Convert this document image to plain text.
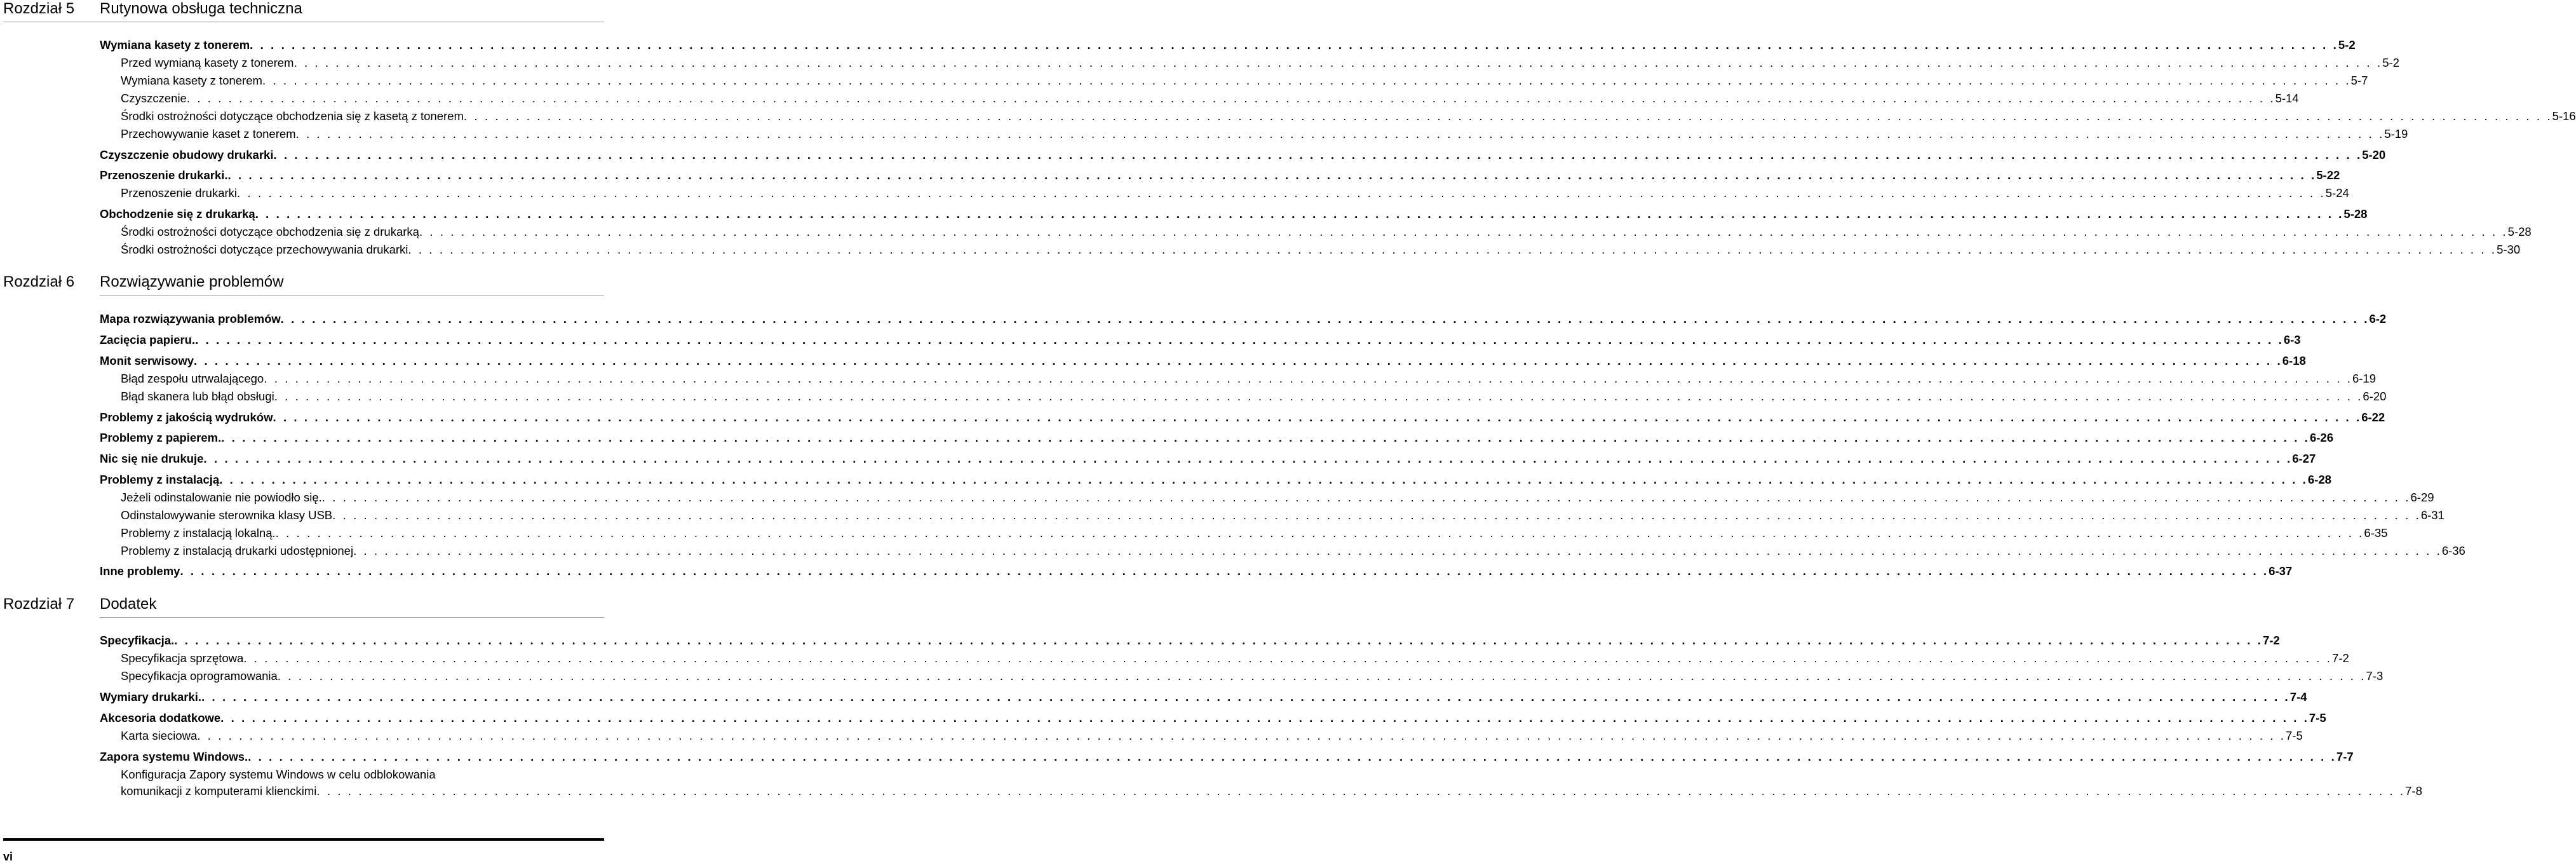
Rozdział 5 Rutynowa obsługa techniczna
Wymiana kasety z tonerem . . . . . . . . . . . . . . . . . . . . . . . . . . . . . . . . . . . . . . . . . . . . . . . . . . . . . . . . . . . . . . . . . . . . . . . . . . . . . . . . . . . . . . . . . . . . . . . . . . . . . . . . . . . . . . . . . . . . . . . . . . . . . . . . . . . . . . . . . . . . . . . . . . . . . . . . . . . . . . . . . . . . . . . . . . . . . . . . . . . . . . . . . . . . . . . . . . . . . . . . 5-2
Przed wymianą kasety z tonerem . . . . . . . . . . . . . . . . . . . . . . . . . . . . . . . . . . . . . . . . . . . . . . . . . . . . . . . . . . . . . . . . . . . . . . . . . . . . . . . . . . . . . . . . . . . . . . . . . . . . . . . . . . . . . . . . . . . . . . . . . . . . . . . . . . . . . . . . . . . . . . . . . . . . . . . . . . . . . . . . . . . . . . . . . . . . . . . . . . . . . . . . . . . . . . . . . . . . . . . . 5-2
Wymiana kasety z tonerem . . . . . . . . . . . . . . . . . . . . . . . . . . . . . . . . . . . . . . . . . . . . . . . . . . . . . . . . . . . . . . . . . . . . . . . . . . . . . . . . . . . . . . . . . . . . . . . . . . . . . . . . . . . . . . . . . . . . . . . . . . . . . . . . . . . . . . . . . . . . . . . . . . . . . . . . . . . . . . . . . . . . . . . . . . . . . . . . . . . . . . . . . . . . . . . . . . . . . . . . 5-7
Czyszczenie . . . . . . . . . . . . . . . . . . . . . . . . . . . . . . . . . . . . . . . . . . . . . . . . . . . . . . . . . . . . . . . . . . . . . . . . . . . . . . . . . . . . . . . . . . . . . . . . . . . . . . . . . . . . . . . . . . . . . . . . . . . . . . . . . . . . . . . . . . . . . . . . . . . . . . . . . . . . . . . . . . . . . . . . . . . . . . . . . . . . . . . . . . . . . . . . . . . . . . . . 5-14
Środki ostrożności dotyczące obchodzenia się z kasetą z tonerem . . . . . . . . . . . . . . . . . . . . . . . . . . . . . . . . . . . . . . . . . . . . . . . . . . . . . . . . . . . . . . . . . . . . . . . . . . . . . . . . . . . . . . . . . . . . . . . . . . . . . . . . . . . . . . . . . . . . . . . . . . . . . . . . . . . . . . . . . . . . . . . . . . . . . . . . . . . . . . . . . . . . . . . . . . . . . . . . . . . . . . . . . . . . . . . . . . . . . . . . 5-16
Przechowywanie kaset z tonerem . . . . . . . . . . . . . . . . . . . . . . . . . . . . . . . . . . . . . . . . . . . . . . . . . . . . . . . . . . . . . . . . . . . . . . . . . . . . . . . . . . . . . . . . . . . . . . . . . . . . . . . . . . . . . . . . . . . . . . . . . . . . . . . . . . . . . . . . . . . . . . . . . . . . . . . . . . . . . . . . . . . . . . . . . . . . . . . . . . . . . . . . . . . . . . . . . . . . . . . . 5-19
Czyszczenie obudowy drukarki . . . . . . . . . . . . . . . . . . . . . . . . . . . . . . . . . . . . . . . . . . . . . . . . . . . . . . . . . . . . . . . . . . . . . . . . . . . . . . . . . . . . . . . . . . . . . . . . . . . . . . . . . . . . . . . . . . . . . . . . . . . . . . . . . . . . . . . . . . . . . . . . . . . . . . . . . . . . . . . . . . . . . . . . . . . . . . . . . . . . . . . . . . . . . . . . . . . . . . . . 5-20
Przenoszenie drukarki. . . . . . . . . . . . . . . . . . . . . . . . . . . . . . . . . . . . . . . . . . . . . . . . . . . . . . . . . . . . . . . . . . . . . . . . . . . . . . . . . . . . . . . . . . . . . . . . . . . . . . . . . . . . . . . . . . . . . . . . . . . . . . . . . . . . . . . . . . . . . . . . . . . . . . . . . . . . . . . . . . . . . . . . . . . . . . . . . . . . . . . . . . . . . . . . . . . . . . . . . 5-22
Przenoszenie drukarki . . . . . . . . . . . . . . . . . . . . . . . . . . . . . . . . . . . . . . . . . . . . . . . . . . . . . . . . . . . . . . . . . . . . . . . . . . . . . . . . . . . . . . . . . . . . . . . . . . . . . . . . . . . . . . . . . . . . . . . . . . . . . . . . . . . . . . . . . . . . . . . . . . . . . . . . . . . . . . . . . . . . . . . . . . . . . . . . . . . . . . . . . . . . . . . . . . . . . . . . 5-24
Obchodzenie się z drukarką . . . . . . . . . . . . . . . . . . . . . . . . . . . . . . . . . . . . . . . . . . . . . . . . . . . . . . . . . . . . . . . . . . . . . . . . . . . . . . . . . . . . . . . . . . . . . . . . . . . . . . . . . . . . . . . . . . . . . . . . . . . . . . . . . . . . . . . . . . . . . . . . . . . . . . . . . . . . . . . . . . . . . . . . . . . . . . . . . . . . . . . . . . . . . . . . . . . . . . . . 5-28
Środki ostrożności dotyczące obchodzenia się z drukarką . . . . . . . . . . . . . . . . . . . . . . . . . . . . . . . . . . . . . . . . . . . . . . . . . . . . . . . . . . . . . . . . . . . . . . . . . . . . . . . . . . . . . . . . . . . . . . . . . . . . . . . . . . . . . . . . . . . . . . . . . . . . . . . . . . . . . . . . . . . . . . . . . . . . . . . . . . . . . . . . . . . . . . . . . . . . . . . . . . . . . . . . . . . . . . . . . . . . . . . . 5-28
Środki ostrożności dotyczące przechowywania drukarki . . . . . . . . . . . . . . . . . . . . . . . . . . . . . . . . . . . . . . . . . . . . . . . . . . . . . . . . . . . . . . . . . . . . . . . . . . . . . . . . . . . . . . . . . . . . . . . . . . . . . . . . . . . . . . . . . . . . . . . . . . . . . . . . . . . . . . . . . . . . . . . . . . . . . . . . . . . . . . . . . . . . . . . . . . . . . . . . . . . . . . . . . . . . . . . . . . . . . . . . 5-30
Rozdział 6 Rozwiązywanie problemów
Mapa rozwiązywania problemów . . . . . . . . . . . . . . . . . . . . . . . . . . . . . . . . . . . . . . . . . . . . . . . . . . . . . . . . . . . . . . . . . . . . . . . . . . . . . . . . . . . . . . . . . . . . . . . . . . . . . . . . . . . . . . . . . . . . . . . . . . . . . . . . . . . . . . . . . . . . . . . . . . . . . . . . . . . . . . . . . . . . . . . . . . . . . . . . . . . . . . . . . . . . . . . . . . . . . . . . 6-2
Zacięcia papieru. . . . . . . . . . . . . . . . . . . . . . . . . . . . . . . . . . . . . . . . . . . . . . . . . . . . . . . . . . . . . . . . . . . . . . . . . . . . . . . . . . . . . . . . . . . . . . . . . . . . . . . . . . . . . . . . . . . . . . . . . . . . . . . . . . . . . . . . . . . . . . . . . . . . . . . . . . . . . . . . . . . . . . . . . . . . . . . . . . . . . . . . . . . . . . . . . . . . . . . . . 6-3
Monit serwisowy . . . . . . . . . . . . . . . . . . . . . . . . . . . . . . . . . . . . . . . . . . . . . . . . . . . . . . . . . . . . . . . . . . . . . . . . . . . . . . . . . . . . . . . . . . . . . . . . . . . . . . . . . . . . . . . . . . . . . . . . . . . . . . . . . . . . . . . . . . . . . . . . . . . . . . . . . . . . . . . . . . . . . . . . . . . . . . . . . . . . . . . . . . . . . . . . . . . . . . . . 6-18
Błąd zespołu utrwalającego . . . . . . . . . . . . . . . . . . . . . . . . . . . . . . . . . . . . . . . . . . . . . . . . . . . . . . . . . . . . . . . . . . . . . . . . . . . . . . . . . . . . . . . . . . . . . . . . . . . . . . . . . . . . . . . . . . . . . . . . . . . . . . . . . . . . . . . . . . . . . . . . . . . . . . . . . . . . . . . . . . . . . . . . . . . . . . . . . . . . . . . . . . . . . . . . . . . . . . . . 6-19
Błąd skanera lub błąd obsługi . . . . . . . . . . . . . . . . . . . . . . . . . . . . . . . . . . . . . . . . . . . . . . . . . . . . . . . . . . . . . . . . . . . . . . . . . . . . . . . . . . . . . . . . . . . . . . . . . . . . . . . . . . . . . . . . . . . . . . . . . . . . . . . . . . . . . . . . . . . . . . . . . . . . . . . . . . . . . . . . . . . . . . . . . . . . . . . . . . . . . . . . . . . . . . . . . . . . . . . . 6-20
Problemy z jakością wydruków . . . . . . . . . . . . . . . . . . . . . . . . . . . . . . . . . . . . . . . . . . . . . . . . . . . . . . . . . . . . . . . . . . . . . . . . . . . . . . . . . . . . . . . . . . . . . . . . . . . . . . . . . . . . . . . . . . . . . . . . . . . . . . . . . . . . . . . . . . . . . . . . . . . . . . . . . . . . . . . . . . . . . . . . . . . . . . . . . . . . . . . . . . . . . . . . . . . . . . . . 6-22
Problemy z papierem. . . . . . . . . . . . . . . . . . . . . . . . . . . . . . . . . . . . . . . . . . . . . . . . . . . . . . . . . . . . . . . . . . . . . . . . . . . . . . . . . . . . . . . . . . . . . . . . . . . . . . . . . . . . . . . . . . . . . . . . . . . . . . . . . . . . . . . . . . . . . . . . . . . . . . . . . . . . . . . . . . . . . . . . . . . . . . . . . . . . . . . . . . . . . . . . . . . . . . . . . 6-26
Nic się nie drukuje . . . . . . . . . . . . . . . . . . . . . . . . . . . . . . . . . . . . . . . . . . . . . . . . . . . . . . . . . . . . . . . . . . . . . . . . . . . . . . . . . . . . . . . . . . . . . . . . . . . . . . . . . . . . . . . . . . . . . . . . . . . . . . . . . . . . . . . . . . . . . . . . . . . . . . . . . . . . . . . . . . . . . . . . . . . . . . . . . . . . . . . . . . . . . . . . . . . . . . . . 6-27
Problemy z instalacją . . . . . . . . . . . . . . . . . . . . . . . . . . . . . . . . . . . . . . . . . . . . . . . . . . . . . . . . . . . . . . . . . . . . . . . . . . . . . . . . . . . . . . . . . . . . . . . . . . . . . . . . . . . . . . . . . . . . . . . . . . . . . . . . . . . . . . . . . . . . . . . . . . . . . . . . . . . . . . . . . . . . . . . . . . . . . . . . . . . . . . . . . . . . . . . . . . . . . . . . 6-28
Jeżeli odinstalowanie nie powiodło się. . . . . . . . . . . . . . . . . . . . . . . . . . . . . . . . . . . . . . . . . . . . . . . . . . . . . . . . . . . . . . . . . . . . . . . . . . . . . . . . . . . . . . . . . . . . . . . . . . . . . . . . . . . . . . . . . . . . . . . . . . . . . . . . . . . . . . . . . . . . . . . . . . . . . . . . . . . . . . . . . . . . . . . . . . . . . . . . . . . . . . . . . . . . . . . . . . . . . . . . . 6-29
Odinstalowywanie sterownika klasy USB . . . . . . . . . . . . . . . . . . . . . . . . . . . . . . . . . . . . . . . . . . . . . . . . . . . . . . . . . . . . . . . . . . . . . . . . . . . . . . . . . . . . . . . . . . . . . . . . . . . . . . . . . . . . . . . . . . . . . . . . . . . . . . . . . . . . . . . . . . . . . . . . . . . . . . . . . . . . . . . . . . . . . . . . . . . . . . . . . . . . . . . . . . . . . . . . . . . . . . . . 6-31
Problemy z instalacją lokalną. . . . . . . . . . . . . . . . . . . . . . . . . . . . . . . . . . . . . . . . . . . . . . . . . . . . . . . . . . . . . . . . . . . . . . . . . . . . . . . . . . . . . . . . . . . . . . . . . . . . . . . . . . . . . . . . . . . . . . . . . . . . . . . . . . . . . . . . . . . . . . . . . . . . . . . . . . . . . . . . . . . . . . . . . . . . . . . . . . . . . . . . . . . . . . . . . . . . . . . . . 6-35
Problemy z instalacją drukarki udostępnionej . . . . . . . . . . . . . . . . . . . . . . . . . . . . . . . . . . . . . . . . . . . . . . . . . . . . . . . . . . . . . . . . . . . . . . . . . . . . . . . . . . . . . . . . . . . . . . . . . . . . . . . . . . . . . . . . . . . . . . . . . . . . . . . . . . . . . . . . . . . . . . . . . . . . . . . . . . . . . . . . . . . . . . . . . . . . . . . . . . . . . . . . . . . . . . . . . . . . . . . . 6-36
Inne problemy . . . . . . . . . . . . . . . . . . . . . . . . . . . . . . . . . . . . . . . . . . . . . . . . . . . . . . . . . . . . . . . . . . . . . . . . . . . . . . . . . . . . . . . . . . . . . . . . . . . . . . . . . . . . . . . . . . . . . . . . . . . . . . . . . . . . . . . . . . . . . . . . . . . . . . . . . . . . . . . . . . . . . . . . . . . . . . . . . . . . . . . . . . . . . . . . . . . . . . . . 6-37
Rozdział 7 Dodatek
Specyfikacja. . . . . . . . . . . . . . . . . . . . . . . . . . . . . . . . . . . . . . . . . . . . . . . . . . . . . . . . . . . . . . . . . . . . . . . . . . . . . . . . . . . . . . . . . . . . . . . . . . . . . . . . . . . . . . . . . . . . . . . . . . . . . . . . . . . . . . . . . . . . . . . . . . . . . . . . . . . . . . . . . . . . . . . . . . . . . . . . . . . . . . . . . . . . . . . . . . . . . . . . . 7-2
Specyfikacja sprzętowa . . . . . . . . . . . . . . . . . . . . . . . . . . . . . . . . . . . . . . . . . . . . . . . . . . . . . . . . . . . . . . . . . . . . . . . . . . . . . . . . . . . . . . . . . . . . . . . . . . . . . . . . . . . . . . . . . . . . . . . . . . . . . . . . . . . . . . . . . . . . . . . . . . . . . . . . . . . . . . . . . . . . . . . . . . . . . . . . . . . . . . . . . . . . . . . . . . . . . . . . 7-2
Specyfikacja oprogramowania . . . . . . . . . . . . . . . . . . . . . . . . . . . . . . . . . . . . . . . . . . . . . . . . . . . . . . . . . . . . . . . . . . . . . . . . . . . . . . . . . . . . . . . . . . . . . . . . . . . . . . . . . . . . . . . . . . . . . . . . . . . . . . . . . . . . . . . . . . . . . . . . . . . . . . . . . . . . . . . . . . . . . . . . . . . . . . . . . . . . . . . . . . . . . . . . . . . . . . . . 7-3
Wymiary drukarki. . . . . . . . . . . . . . . . . . . . . . . . . . . . . . . . . . . . . . . . . . . . . . . . . . . . . . . . . . . . . . . . . . . . . . . . . . . . . . . . . . . . . . . . . . . . . . . . . . . . . . . . . . . . . . . . . . . . . . . . . . . . . . . . . . . . . . . . . . . . . . . . . . . . . . . . . . . . . . . . . . . . . . . . . . . . . . . . . . . . . . . . . . . . . . . . . . . . . . . . . 7-4
Akcesoria dodatkowe . . . . . . . . . . . . . . . . . . . . . . . . . . . . . . . . . . . . . . . . . . . . . . . . . . . . . . . . . . . . . . . . . . . . . . . . . . . . . . . . . . . . . . . . . . . . . . . . . . . . . . . . . . . . . . . . . . . . . . . . . . . . . . . . . . . . . . . . . . . . . . . . . . . . . . . . . . . . . . . . . . . . . . . . . . . . . . . . . . . . . . . . . . . . . . . . . . . . . . . . 7-5
Karta sieciowa . . . . . . . . . . . . . . . . . . . . . . . . . . . . . . . . . . . . . . . . . . . . . . . . . . . . . . . . . . . . . . . . . . . . . . . . . . . . . . . . . . . . . . . . . . . . . . . . . . . . . . . . . . . . . . . . . . . . . . . . . . . . . . . . . . . . . . . . . . . . . . . . . . . . . . . . . . . . . . . . . . . . . . . . . . . . . . . . . . . . . . . . . . . . . . . . . . . . . . . . 7-5
Zapora systemu Windows. . . . . . . . . . . . . . . . . . . . . . . . . . . . . . . . . . . . . . . . . . . . . . . . . . . . . . . . . . . . . . . . . . . . . . . . . . . . . . . . . . . . . . . . . . . . . . . . . . . . . . . . . . . . . . . . . . . . . . . . . . . . . . . . . . . . . . . . . . . . . . . . . . . . . . . . . . . . . . . . . . . . . . . . . . . . . . . . . . . . . . . . . . . . . . . . . . . . . . . . . 7-7
Konfiguracja Zapory systemu Windows w celu odblokowania
komunikacji z komputerami klienckimi . . . . . . . . . . . . . . . . . . . . . . . . . . . . . . . . . . . . . . . . . . . . . . . . . . . . . . . . . . . . . . . . . . . . . . . . . . . . . . . . . . . . . . . . . . . . . . . . . . . . . . . . . . . . . . . . . . . . . . . . . . . . . . . . . . . . . . . . . . . . . . . . . . . . . . . . . . . . . . . . . . . . . . . . . . . . . . . . . . . . . . . . . . . . . . . . . . . . . . . . 7-8
vi
